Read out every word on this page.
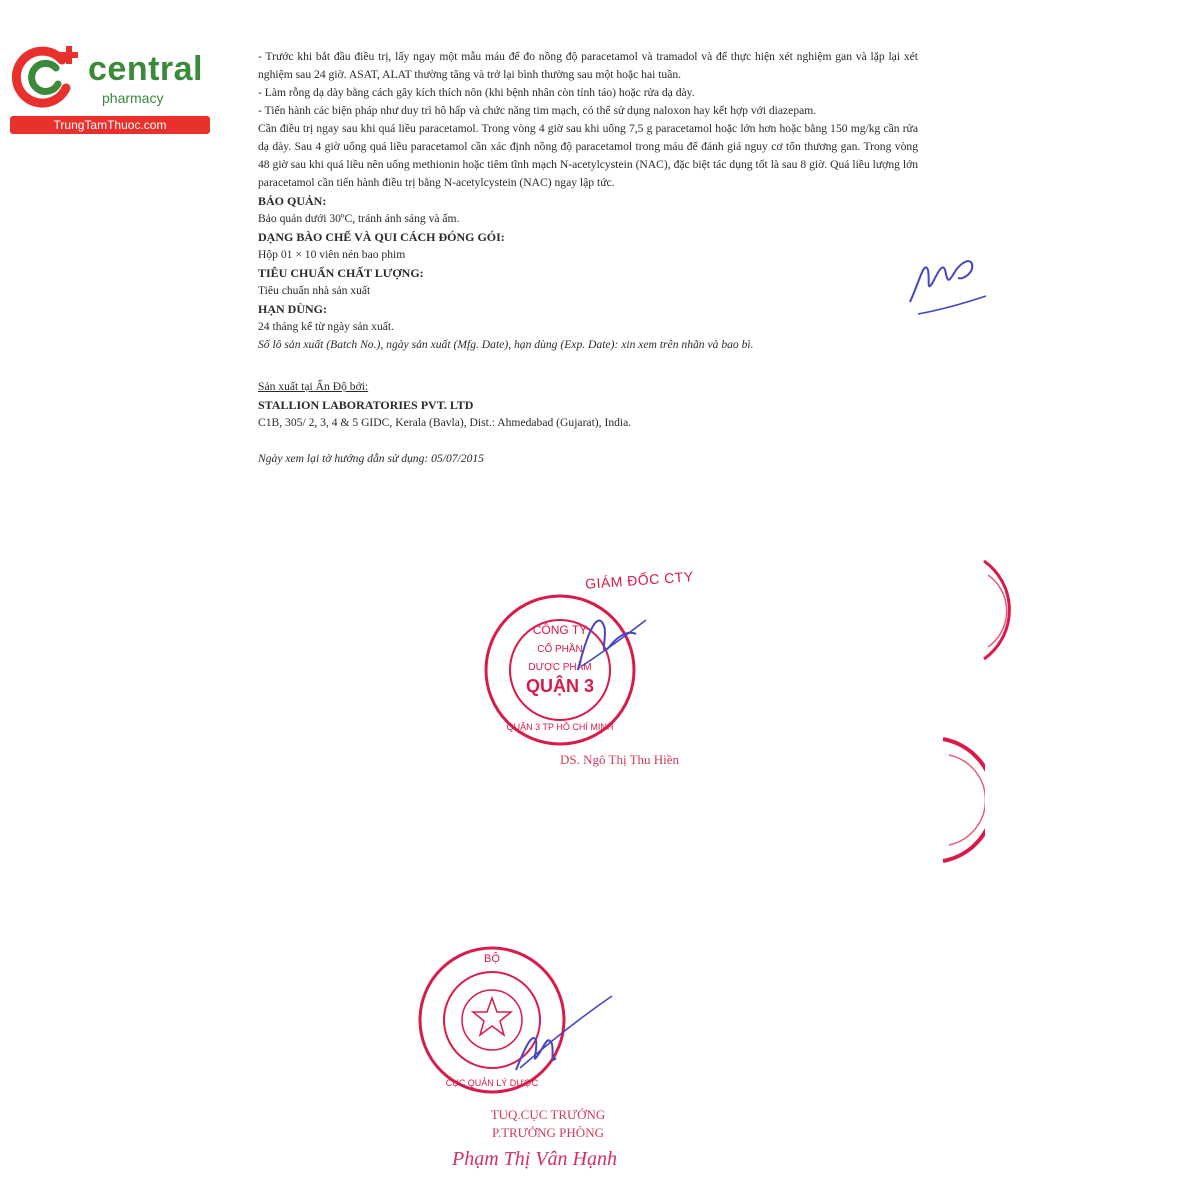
central
pharmacy
TrungTamThuoc.com

- Trước khi bắt đầu điều trị, lấy ngay một mẫu máu để đo nồng độ paracetamol và tramadol và để thực hiện xét nghiệm gan và lặp lại xét nghiệm sau 24 giờ. ASAT, ALAT thường tăng và trở lại bình thường sau một hoặc hai tuần.

- Làm rỗng dạ dày bằng cách gây kích thích nôn (khi bệnh nhân còn tỉnh táo) hoặc rửa dạ dày.

- Tiến hành các biện pháp như duy trì hô hấp và chức năng tim mạch, có thể sử dụng naloxon hay kết hợp với diazepam.

Cần điều trị ngay sau khi quá liều paracetamol. Trong vòng 4 giờ sau khi uống 7,5 g paracetamol hoặc lớn hơn hoặc bằng 150 mg/kg cần rửa dạ dày. Sau 4 giờ uống quá liều paracetamol cần xác định nồng độ paracetamol trong máu để đánh giá nguy cơ tổn thương gan. Trong vòng 48 giờ sau khi quá liều nên uống methionin hoặc tiêm tĩnh mạch N-acetylcystein (NAC), đặc biệt tác dụng tốt là sau 8 giờ. Quá liều lượng lớn paracetamol cần tiến hành điều trị bằng N-acetylcystein (NAC) ngay lập tức.

BẢO QUẢN:

Bảo quản dưới 30ºC, tránh ánh sáng và ẩm.

DẠNG BÀO CHẾ VÀ QUI CÁCH ĐÓNG GÓI:

Hộp 01 × 10 viên nén bao phim

TIÊU CHUẨN CHẤT LƯỢNG:

Tiêu chuẩn nhà sản xuất

HẠN DÙNG:

24 tháng kể từ ngày sản xuất.

Số lô sản xuất (Batch No.), ngày sản xuất (Mfg. Date), hạn dùng (Exp. Date): xin xem trên nhãn và bao bì.

Sản xuất tại Ấn Độ bởi:

STALLION LABORATORIES PVT. LTD

C1B, 305/ 2, 3, 4 & 5 GIDC, Kerala (Bavla), Dist.: Ahmedabad (Gujarat), India.

Ngày xem lại tờ hướng dẫn sử dụng: 05/07/2015

GIÁM ĐỐC CTY
CÔNG TY
CỔ PHẦN
DƯỢC PHẨM
QUẬN 3
QUẬN 3 TP HỒ CHÍ MINH
DS. Ngô Thị Thu Hiền
BỘ
CỤC QUẢN LÝ DƯỢC
TUQ.CỤC TRƯỞNG
P.TRƯỞNG PHÒNG
Phạm Thị Vân Hạnh
